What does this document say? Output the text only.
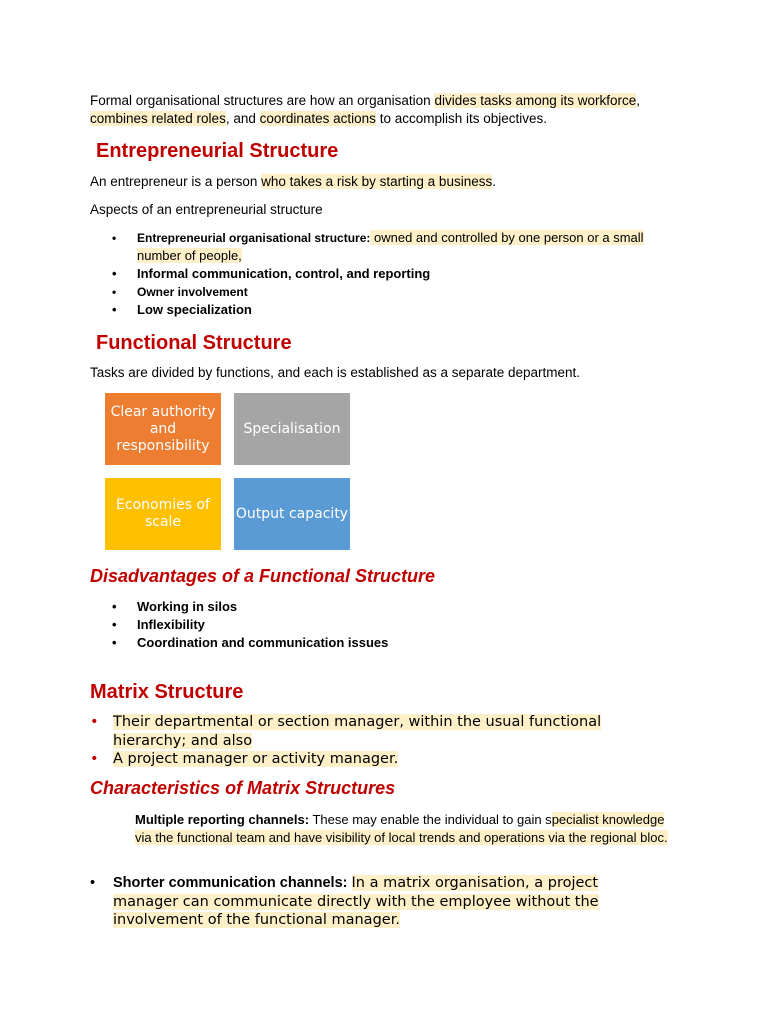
Formal organisational structures are how an organisation divides tasks among its workforce, combines related roles, and coordinates actions to accomplish its objectives.

Entrepreneurial Structure

An entrepreneur is a person who takes a risk by starting a business.

Aspects of an entrepreneurial structure

• Entrepreneurial organisational structure: owned and controlled by one person or a small number of people,
• Informal communication, control, and reporting
• Owner involvement
• Low specialization
Functional Structure

Tasks are divided by functions, and each is established as a separate department.

Clear authority and responsibility
Specialisation
Economies of scale
Output capacity
Disadvantages of a Functional Structure
• Working in silos
• Inflexibility
• Coordination and communication issues
Matrix Structure
• Their departmental or section manager, within the usual functional hierarchy; and also
• A project manager or activity manager.
Characteristics of Matrix Structures

Multiple reporting channels: These may enable the individual to gain specialist knowledge via the functional team and have visibility of local trends and operations via the regional bloc.

• Shorter communication channels: In a matrix organisation, a project manager can communicate directly with the employee without the involvement of the functional manager.
